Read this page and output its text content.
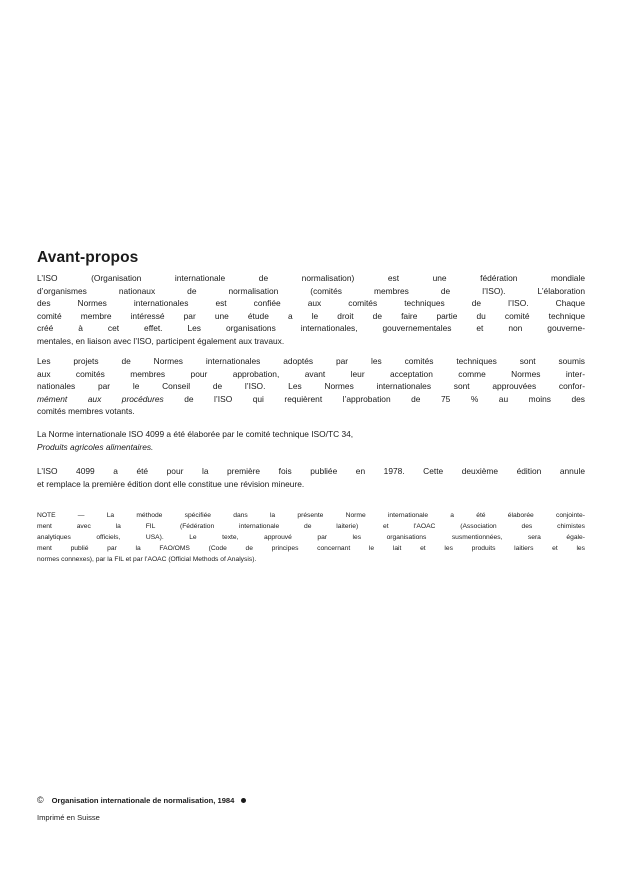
Avant-propos

L’ISO (Organisation internationale de normalisation) est une fédération mondiale
d’organismes nationaux de normalisation (comités membres de l’ISO). L’élaboration
des Normes internationales est confiée aux comités techniques de l’ISO. Chaque
comité membre intéressé par une étude a le droit de faire partie du comité technique
créé à cet effet. Les organisations internationales, gouvernementales et non gouverne-
mentales, en liaison avec l’ISO, participent également aux travaux.

Les projets de Normes internationales adoptés par les comités techniques sont soumis
aux comités membres pour approbation, avant leur acceptation comme Normes inter-
nationales par le Conseil de l’ISO. Les Normes internationales sont approuvées confor-
mément aux procédures de l’ISO qui requièrent l’approbation de 75 % au moins des
comités membres votants.

La Norme internationale ISO 4099 a été élaborée par le comité technique ISO/TC 34,
Produits agricoles alimentaires.

L’ISO 4099 a été pour la première fois publiée en 1978. Cette deuxième édition annule
et remplace la première édition dont elle constitue une révision mineure.

NOTE — La méthode spécifiée dans la présente Norme internationale a été élaborée conjointe-
ment avec la FIL (Fédération internationale de laiterie) et l’AOAC (Association des chimistes
analytiques officiels, USA). Le texte, approuvé par les organisations susmentionnées, sera égale-
ment publié par la FAO/OMS (Code de principes concernant le lait et les produits laitiers et les
normes connexes), par la FIL et par l’AOAC (Official Methods of Analysis).

© Organisation internationale de normalisation, 1984
Imprimé en Suisse
